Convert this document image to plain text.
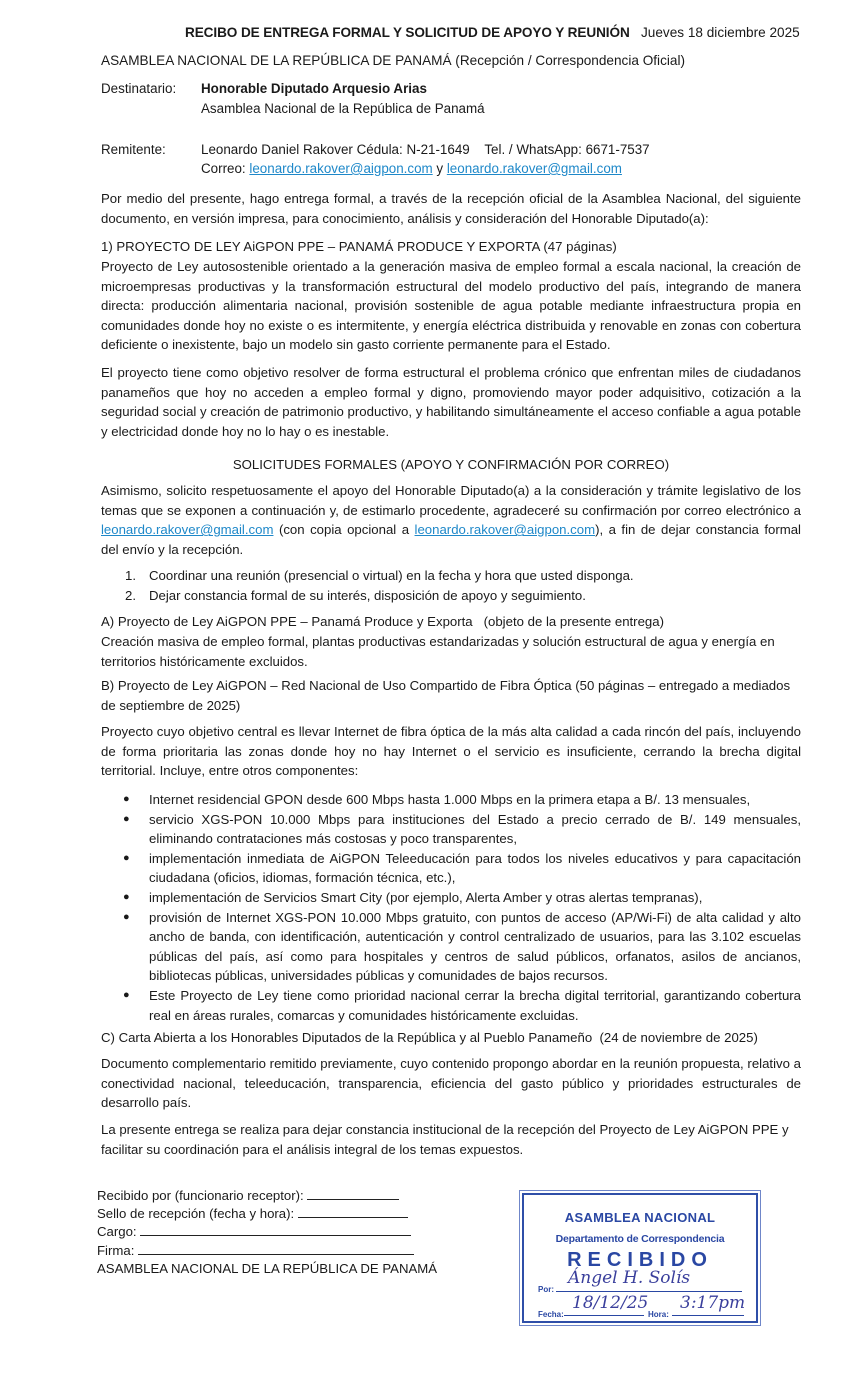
RECIBO DE ENTREGA FORMAL Y SOLICITUD DE APOYO Y REUNIÓN Jueves 18 diciembre 2025
ASAMBLEA NACIONAL DE LA REPÚBLICA DE PANAMÁ (Recepción / Correspondencia Oficial)
Destinatario: Honorable Diputado Arquesio Arias
Asamblea Nacional de la República de Panamá
Remitente:	Leonardo Daniel Rakover Cédula: N-21-1649    Tel. / WhatsApp: 6671-7537
Correo: leonardo.rakover@aigpon.com y leonardo.rakover@gmail.com
Por medio del presente, hago entrega formal, a través de la recepción oficial de la Asamblea Nacional, del siguiente documento, en versión impresa, para conocimiento, análisis y consideración del Honorable Diputado(a):
1) PROYECTO DE LEY AiGPON PPE – PANAMÁ PRODUCE Y EXPORTA (47 páginas)
Proyecto de Ley autosostenible orientado a la generación masiva de empleo formal a escala nacional, la creación de microempresas productivas y la transformación estructural del modelo productivo del país, integrando de manera directa: producción alimentaria nacional, provisión sostenible de agua potable mediante infraestructura propia en comunidades donde hoy no existe o es intermitente, y energía eléctrica distribuida y renovable en zonas con cobertura deficiente o inexistente, bajo un modelo sin gasto corriente permanente para el Estado.
El proyecto tiene como objetivo resolver de forma estructural el problema crónico que enfrentan miles de ciudadanos panameños que hoy no acceden a empleo formal y digno, promoviendo mayor poder adquisitivo, cotización a la seguridad social y creación de patrimonio productivo, y habilitando simultáneamente el acceso confiable a agua potable y electricidad donde hoy no lo hay o es inestable.
SOLICITUDES FORMALES (APOYO Y CONFIRMACIÓN POR CORREO)
Asimismo, solicito respetuosamente el apoyo del Honorable Diputado(a) a la consideración y trámite legislativo de los temas que se exponen a continuación y, de estimarlo procedente, agradeceré su confirmación por correo electrónico a leonardo.rakover@gmail.com (con copia opcional a leonardo.rakover@aigpon.com), a fin de dejar constancia formal del envío y la recepción.
1. Coordinar una reunión (presencial o virtual) en la fecha y hora que usted disponga.
2. Dejar constancia formal de su interés, disposición de apoyo y seguimiento.
A) Proyecto de Ley AiGPON PPE – Panamá Produce y Exporta   (objeto de la presente entrega)
Creación masiva de empleo formal, plantas productivas estandarizadas y solución estructural de agua y energía en territorios históricamente excluidos.
B) Proyecto de Ley AiGPON – Red Nacional de Uso Compartido de Fibra Óptica (50 páginas – entregado a mediados de septiembre de 2025)
Proyecto cuyo objetivo central es llevar Internet de fibra óptica de la más alta calidad a cada rincón del país, incluyendo de forma prioritaria las zonas donde hoy no hay Internet o el servicio es insuficiente, cerrando la brecha digital territorial. Incluye, entre otros componentes:
●	Internet residencial GPON desde 600 Mbps hasta 1.000 Mbps en la primera etapa a B/. 13 mensuales,
●	servicio XGS-PON 10.000 Mbps para instituciones del Estado a precio cerrado de B/. 149 mensuales, eliminando contrataciones más costosas y poco transparentes,
●	implementación inmediata de AiGPON Teleeducación para todos los niveles educativos y para capacitación ciudadana (oficios, idiomas, formación técnica, etc.),
●	implementación de Servicios Smart City (por ejemplo, Alerta Amber y otras alertas tempranas),
●	provisión de Internet XGS-PON 10.000 Mbps gratuito, con puntos de acceso (AP/Wi-Fi) de alta calidad y alto ancho de banda, con identificación, autenticación y control centralizado de usuarios, para las 3.102 escuelas públicas del país, así como para hospitales y centros de salud públicos, orfanatos, asilos de ancianos, bibliotecas públicas, universidades públicas y comunidades de bajos recursos.
●	Este Proyecto de Ley tiene como prioridad nacional cerrar la brecha digital territorial, garantizando cobertura real en áreas rurales, comarcas y comunidades históricamente excluidas.
C) Carta Abierta a los Honorables Diputados de la República y al Pueblo Panameño  (24 de noviembre de 2025)
Documento complementario remitido previamente, cuyo contenido propongo abordar en la reunión propuesta, relativo a conectividad nacional, teleeducación, transparencia, eficiencia del gasto público y prioridades estructurales de desarrollo país.
La presente entrega se realiza para dejar constancia institucional de la recepción del Proyecto de Ley AiGPON PPE y facilitar su coordinación para el análisis integral de los temas expuestos.
Recibido por (funcionario receptor):
Sello de recepción (fecha y hora):
Cargo:
Firma:
ASAMBLEA NACIONAL DE LA REPÚBLICA DE PANAMÁ
ASAMBLEA NACIONAL
Departamento de Correspondencia
RECIBIDO
Por:
Ángel H. Solís
Fecha:
18/12/25
Hora:
3:17pm
